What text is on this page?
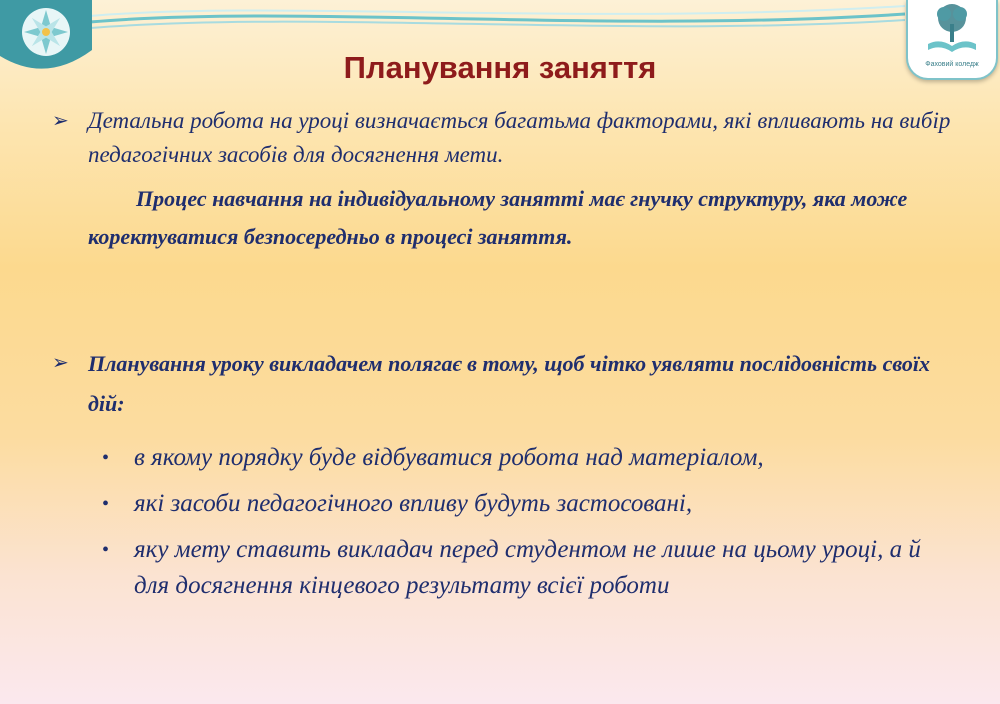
Фаховий коледж
Планування заняття
➢ Детальна робота на уроці визначається багатьма факторами, які впливають на вибір педагогічних засобів для досягнення мети.
Процес навчання на індивідуальному занятті має гнучку структуру, яка може коректуватися безпосередньо в процесі заняття.
➢ Планування уроку викладачем полягає в тому, щоб чітко уявляти послідовність своїх дій:
• в якому порядку буде відбуватися робота над матеріалом,
• які засоби педагогічного впливу будуть застосовані,
• яку мету ставить викладач перед студентом не лише на цьому уроці, а й для досягнення кінцевого результату всієї роботи
